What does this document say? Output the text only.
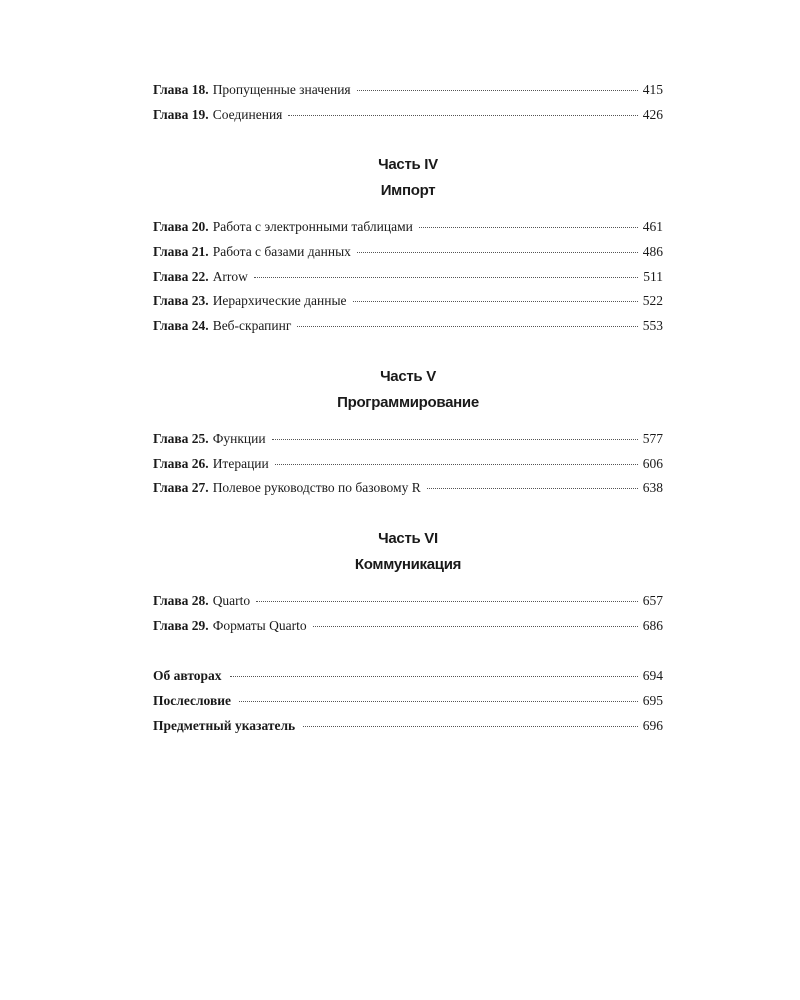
Глава 18. Пропущенные значения	415
Глава 19. Соединения	426
Часть IV
Импорт
Глава 20. Работа с электронными таблицами	461
Глава 21. Работа с базами данных	486
Глава 22. Arrow	511
Глава 23. Иерархические данные	522
Глава 24. Веб-скрапинг	553
Часть V
Программирование
Глава 25. Функции	577
Глава 26. Итерации	606
Глава 27. Полевое руководство по базовому R	638
Часть VI
Коммуникация
Глава 28. Quarto	657
Глава 29. Форматы Quarto	686
Об авторах	694
Послесловие	695
Предметный указатель	696
